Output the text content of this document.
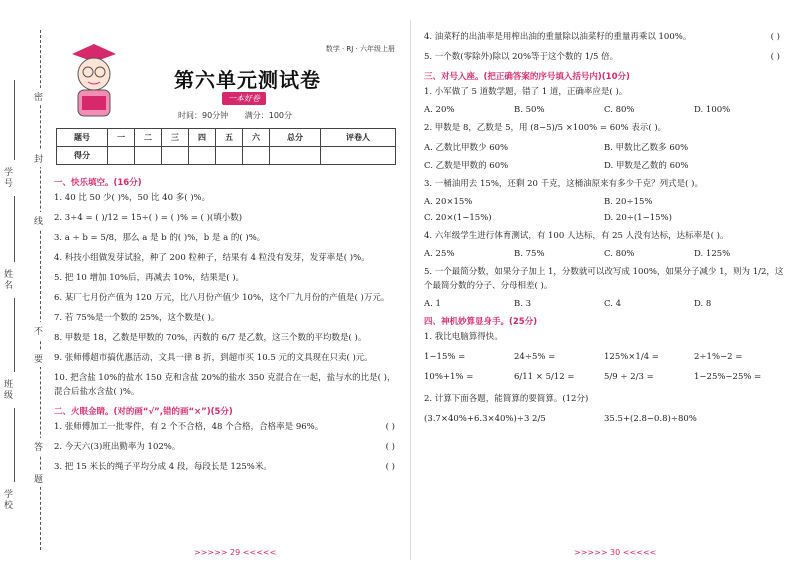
密
封
线
不
要
答
题
学号
姓名
班级
学校
数学 · RJ · 六年级上册
第六单元测试卷
一本好卷
时间：90分钟 满分：100分
题号	一	二	三	四	五	六	总分	评卷人
得分								
一、快乐填空。(16分)
1. 40 比 50 少( )%，50 比 40 多( )%。
2. 3÷4 = ( )/12 = 15÷( ) = ( )% = ( )(填小数)
3. a ÷ b = 5/8，那么 a 是 b 的( )%，b 是 a 的( )%。
4. 科技小组做发芽试验，种了 200 粒种子，结果有 4 粒没有发芽，发芽率是( )%。
5. 把 10 增加 10%后，再减去 10%，结果是( )。
6. 某厂七月份产值为 120 万元，比八月份产值少 10%，这个厂九月份的产值是( )万元。
7. 若 75%是一个数的 25%，这个数是( )。
8. 甲数是 18，乙数是甲数的 70%，丙数的 6/7 是乙数，这三个数的平均数是( )。
9. 张师傅超市搞优惠活动，文具一律 8 折，到超市买 10.5 元的文具现在只卖( )元。
10. 把含盐 10%的盐水 150 克和含盐 20%的盐水 350 克混合在一起，盐与水的比是( )，混合后盐水含盐( )%。
二、火眼金睛。(对的画“√”,错的画“×”)(5分)
1. 张师傅加工一批零件，有 2 个不合格，48 个合格，合格率是 96%。	( )
2. 今天六(3)班出勤率为 102%。	( )
3. 把 15 米长的绳子平均分成 4 段，每段长是 125%米。	( )
>>>>> 29 <<<<<
4. 油菜籽的出油率是用榨出油的重量除以油菜籽的重量再乘以 100%。	( )
5. 一个数(零除外)除以 20%等于这个数的 1/5 倍。	( )
三、对号入座。(把正确答案的序号填入括号内)(10分)
1. 小军做了 5 道数学题，错了 1 道，正确率应是( )。
A. 20%	B. 50%	C. 80%	D. 100%
2. 甲数是 8，乙数是 5，用 (8−5)/5 ×100% = 60% 表示( )。
A. 乙数比甲数少 60%	B. 甲数比乙数多 60%
C. 乙数是甲数的 60%	D. 甲数是乙数的 60%
3. 一桶油用去 15%，还剩 20 千克，这桶油原来有多少千克？列式是( )。
A. 20×15%	B. 20÷15%
C. 20×(1−15%)	D. 20÷(1−15%)
4. 六年级学生进行体育测试，有 100 人达标，有 25 人没有达标，达标率是( )。
A. 25%	B. 75%	C. 80%	D. 125%
5. 一个最简分数，如果分子加上 1，分数就可以改写成 100%，如果分子减少 1，则为 1/2，这个最简分数的分子、分母相差( )。
A. 1	B. 3	C. 4	D. 8
四、神机妙算显身手。(25分)
1. 我比电脑算得快。
1−15% =	24÷5% =	125%×1/4 =	2÷1%−2 =
10%+1% =	6/11 × 5/12 =	5/9 ÷ 2/3 =	1−25%−25% =
2. 计算下面各题，能简算的要简算。(12分)
(3.7×40%+6.3×40%)÷3 2/5	35.5+(2.8−0.8)÷80%
>>>>> 30 <<<<<
